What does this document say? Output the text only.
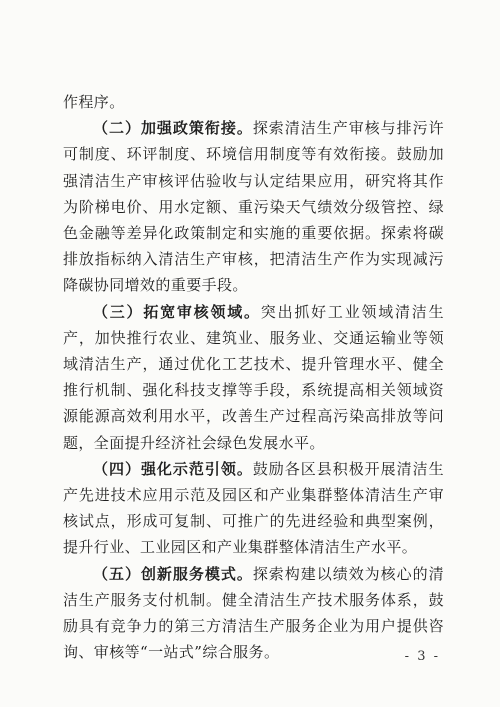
作程序。

（二）加强政策衔接。探索清洁生产审核与排污许可制度、环评制度、环境信用制度等有效衔接。鼓励加强清洁生产审核评估验收与认定结果应用，研究将其作为阶梯电价、用水定额、重污染天气绩效分级管控、绿色金融等差异化政策制定和实施的重要依据。探索将碳排放指标纳入清洁生产审核，把清洁生产作为实现减污降碳协同增效的重要手段。

（三）拓宽审核领域。突出抓好工业领域清洁生产，加快推行农业、建筑业、服务业、交通运输业等领域清洁生产，通过优化工艺技术、提升管理水平、健全推行机制、强化科技支撑等手段，系统提高相关领域资源能源高效利用水平，改善生产过程高污染高排放等问题，全面提升经济社会绿色发展水平。

（四）强化示范引领。鼓励各区县积极开展清洁生产先进技术应用示范及园区和产业集群整体清洁生产审核试点，形成可复制、可推广的先进经验和典型案例，提升行业、工业园区和产业集群整体清洁生产水平。

（五）创新服务模式。探索构建以绩效为核心的清洁生产服务支付机制。健全清洁生产技术服务体系，鼓励具有竞争力的第三方清洁生产服务企业为用户提供咨询、审核等“一站式”综合服务。	- 3 -
